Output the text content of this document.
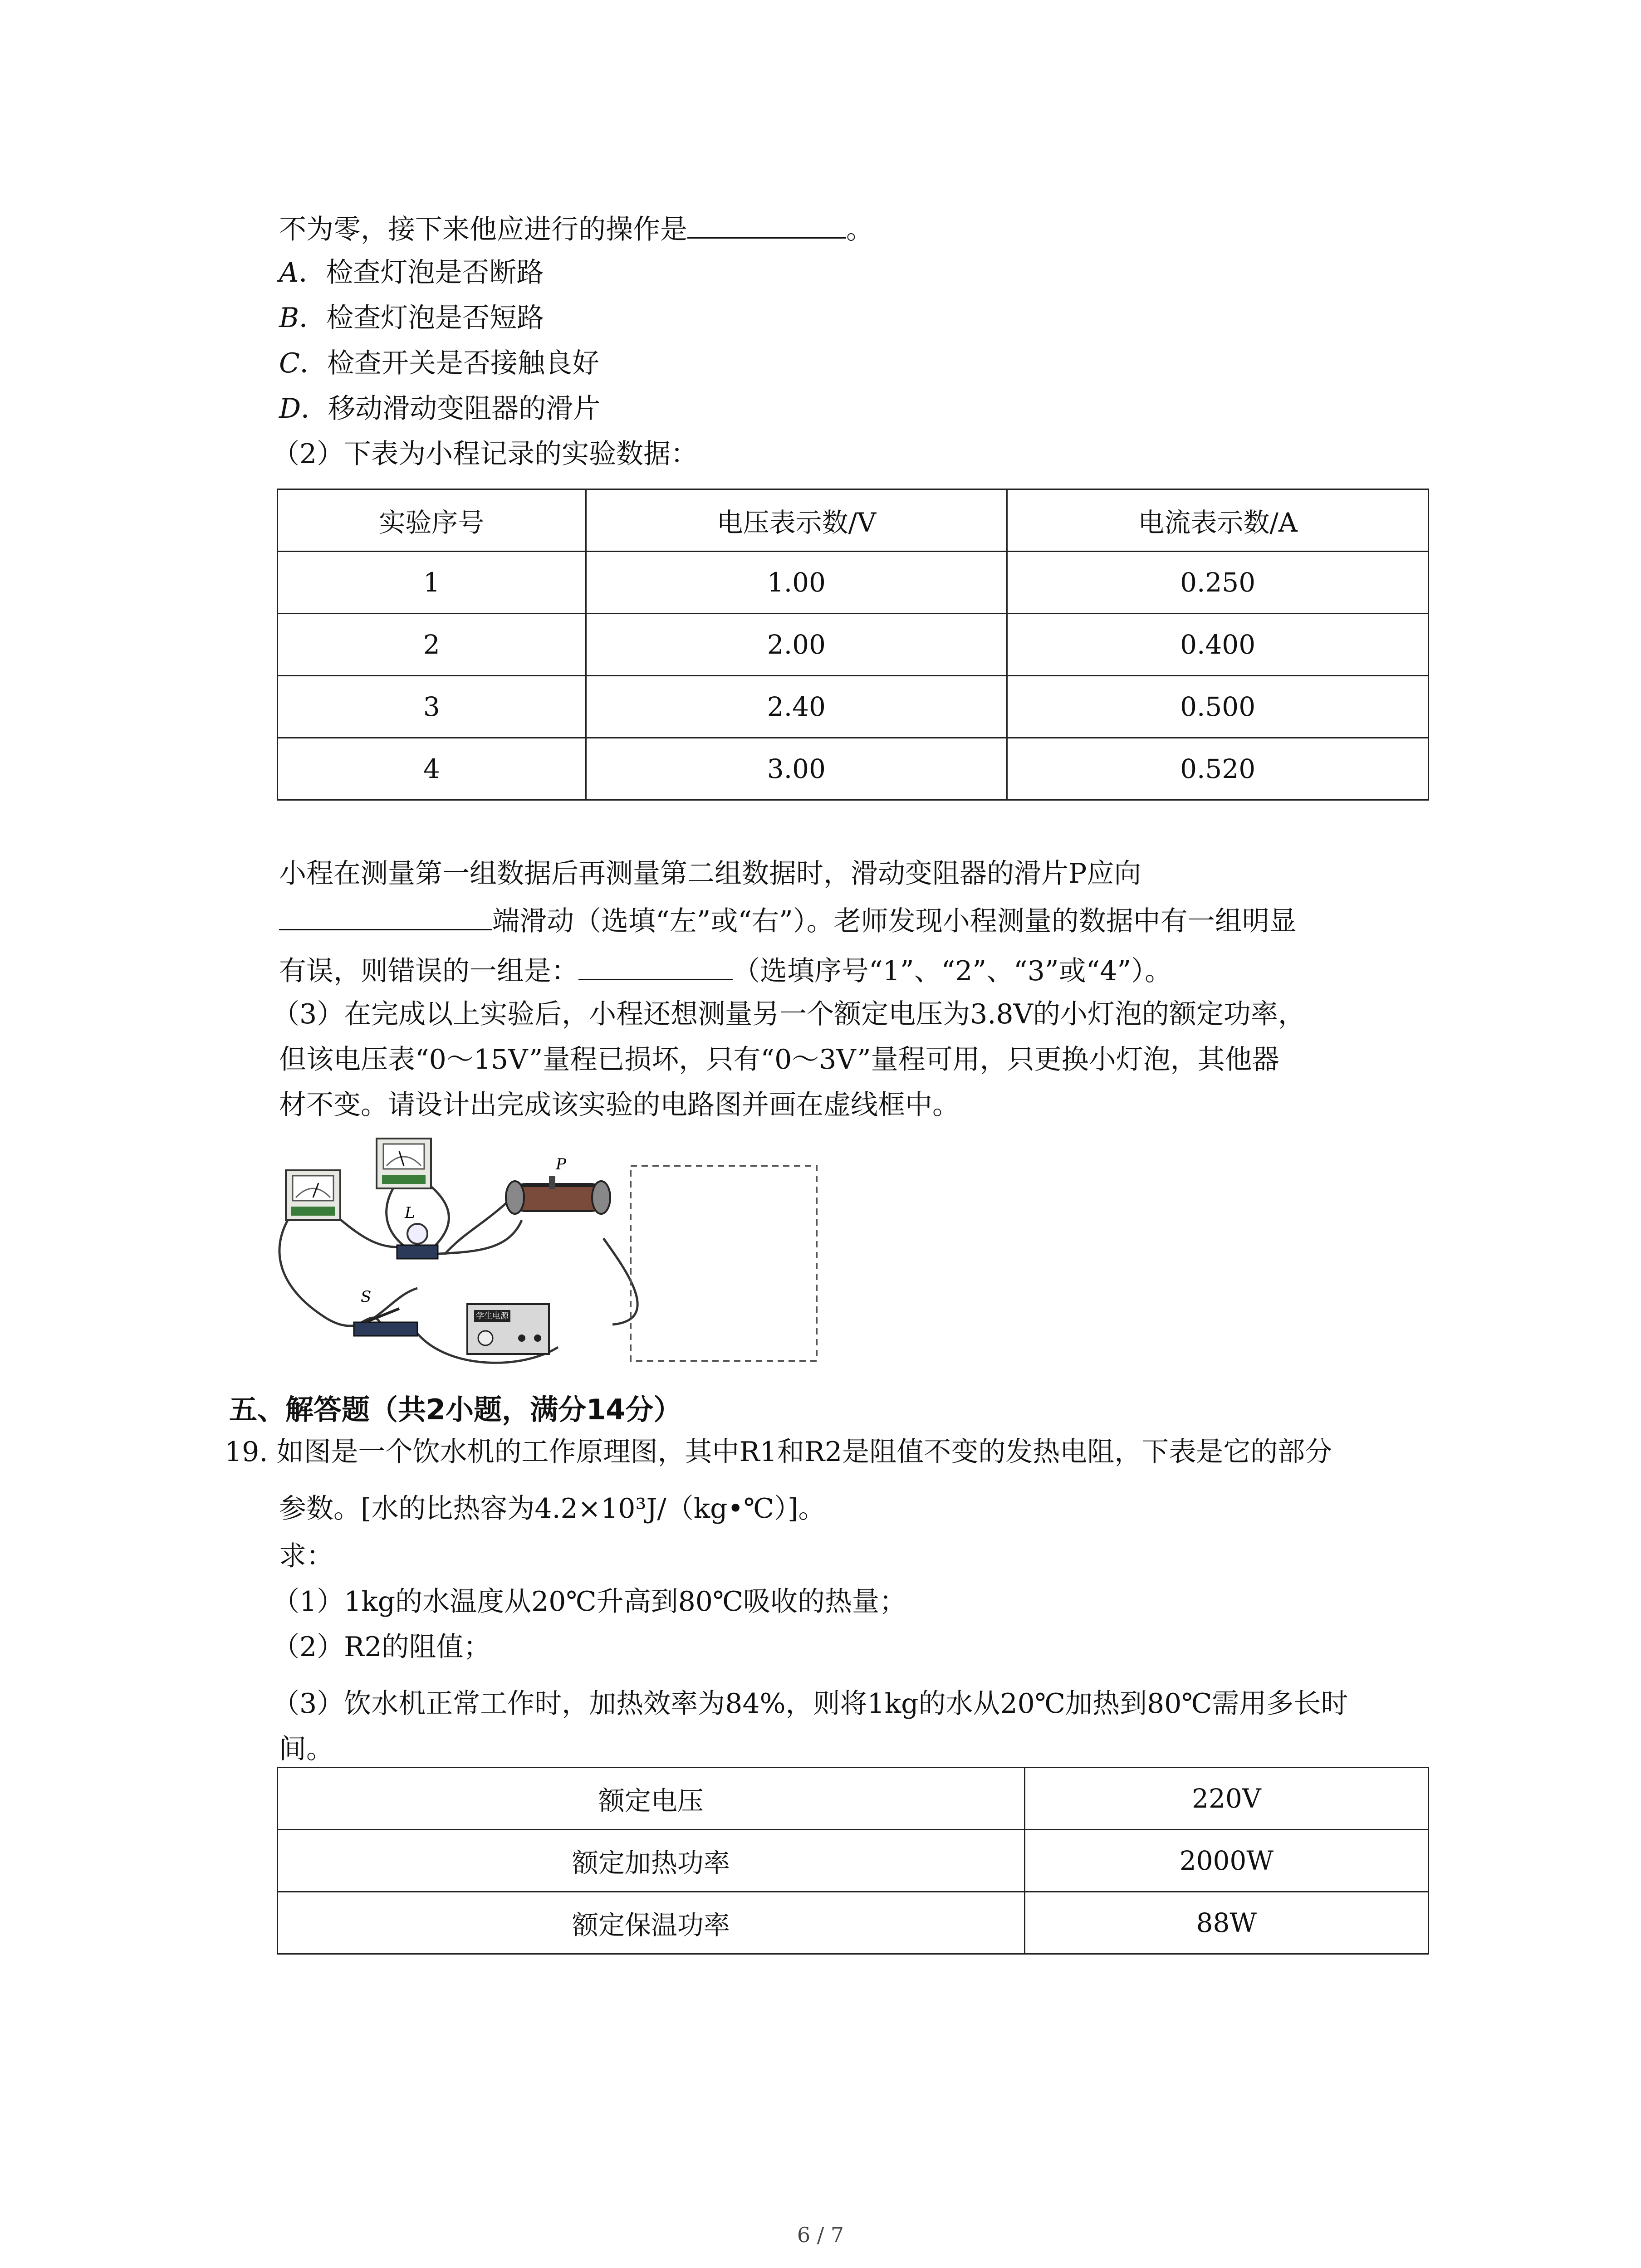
不为零，接下来他应进行的操作是	。
A．检查灯泡是否断路
B．检查灯泡是否短路
C．检查开关是否接触良好
D．移动滑动变阻器的滑片
（2）下表为小程记录的实验数据：
实验序号	电压表示数/V	电流表示数/A
1	1.00	0.250
2	2.00	0.400
3	2.40	0.500
4	3.00	0.520
小程在测量第一组数据后再测量第二组数据时，滑动变阻器的滑片P应向
端滑动（选填“左”或“右”）。老师发现小程测量的数据中有一组明显
有误，则错误的一组是：	（选填序号“1”、“2”、“3”或“4”）。
（3）在完成以上实验后，小程还想测量另一个额定电压为3.8V的小灯泡的额定功率，
但该电压表“0～15V”量程已损坏，只有“0～3V”量程可用，只更换小灯泡，其他器
材不变。请设计出完成该实验的电路图并画在虚线框中。
L
P
S
学生电源
五、解答题（共2小题，满分14分）
19. 如图是一个饮水机的工作原理图，其中R1和R2是阻值不变的发热电阻，下表是它的部分
参数。[水的比热容为4.2×10³J/（kg•℃）]。
求：
（1）1kg的水温度从20℃升高到80℃吸收的热量；
（2）R2的阻值；
（3）饮水机正常工作时，加热效率为84%，则将1kg的水从20℃加热到80℃需用多长时
间。
额定电压	220V
额定加热功率	2000W
额定保温功率	88W
6 / 7
